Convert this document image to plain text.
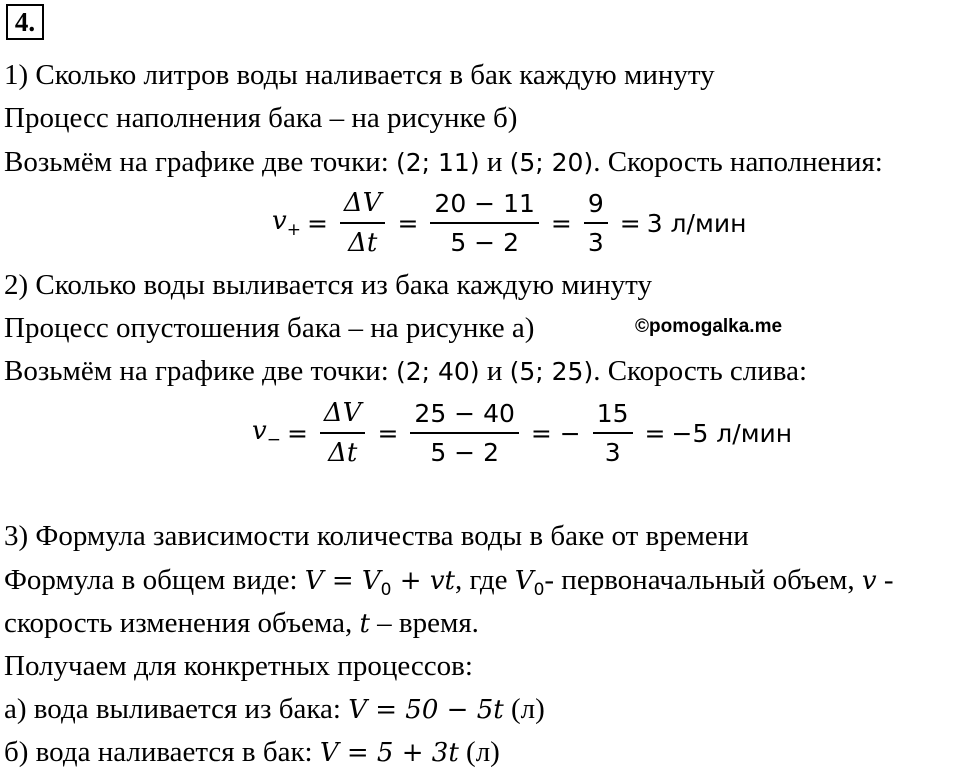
4.
1) Сколько литров воды наливается в бак каждую минуту
Процесс наполнения бака – на рисунке б)
Возьмём на графике две точки: (2; 11) и (5; 20). Скорость наполнения:
$v_+ = \frac{\Delta V}{\Delta t} = \frac{20 - 11}{5 - 2} = \frac{9}{3} = 3$ л/мин
2) Сколько воды выливается из бака каждую минуту
Процесс опустошения бака – на рисунке а)	©pomogalka.me
Возьмём на графике две точки: (2; 40) и (5; 25). Скорость слива:
$v_- = \frac{\Delta V}{\Delta t} = \frac{25 - 40}{5 - 2}$ = − $\frac{15}{3} = -5$ л/мин
3) Формула зависимости количества воды в баке от времени
Формула в общем виде: $V = V_0$ + vt, где $V_0-$ первоначальный объем, v -
скорость изменения объема, t – время.
Получаем для конкретных процессов:
а) вода выливается из бака: V = 50 − 5t (л)
б) вода наливается в бак: V = 5 + 3t (л)
